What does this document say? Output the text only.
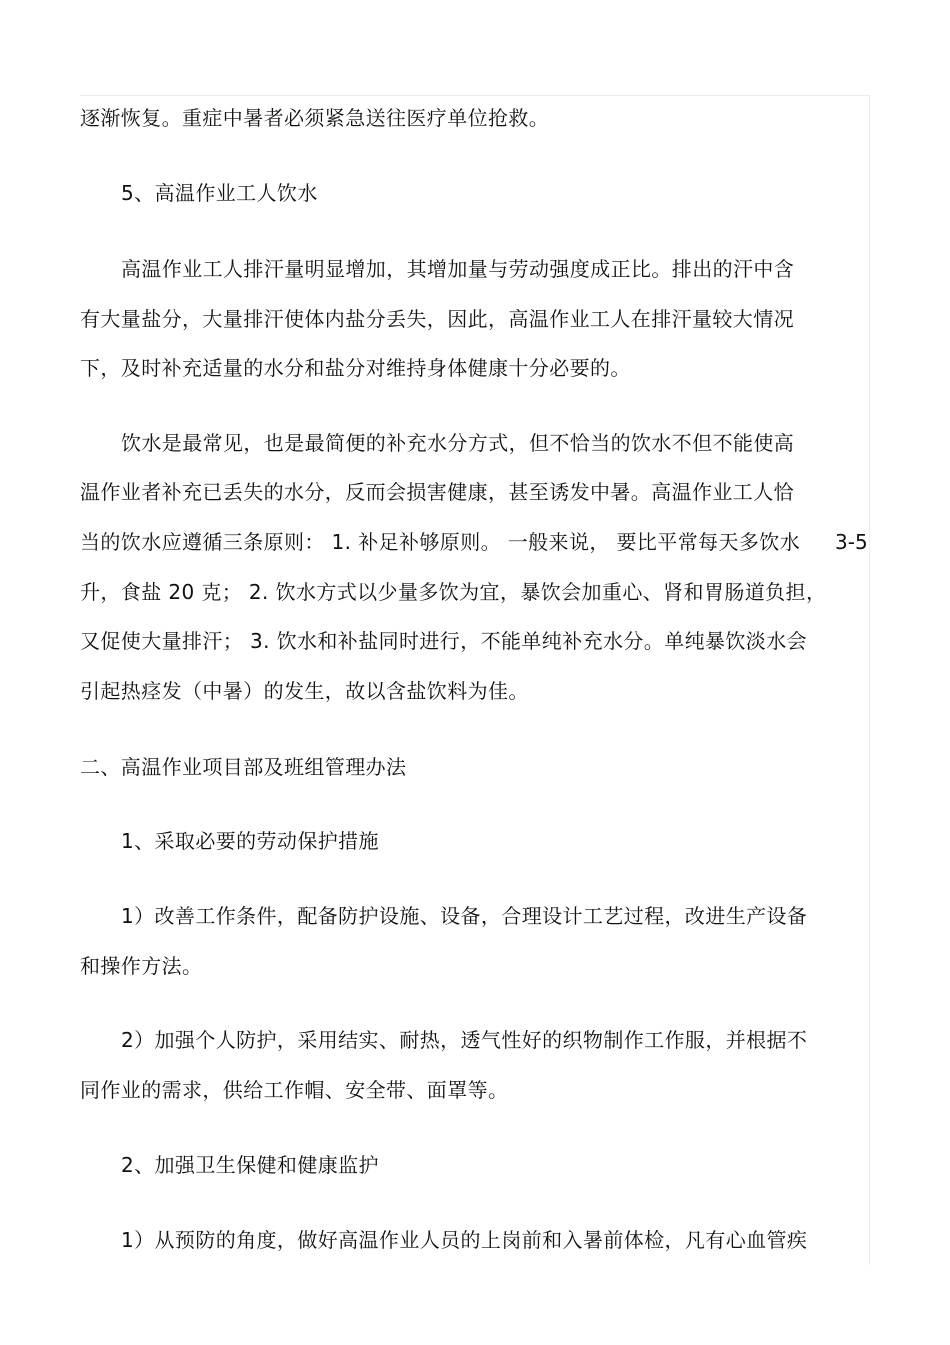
逐渐恢复。重症中暑者必须紧急送往医疗单位抢救。
5、高温作业工人饮水
高温作业工人排汗量明显增加，其增加量与劳动强度成正比。排出的汗中含
有大量盐分，大量排汗使体内盐分丢失，因此，高温作业工人在排汗量较大情况
下，及时补充适量的水分和盐分对维持身体健康十分必要的。
饮水是最常见，也是最简便的补充水分方式，但不恰当的饮水不但不能使高
温作业者补充已丢失的水分，反而会损害健康，甚至诱发中暑。高温作业工人恰
当的饮水应遵循三条原则： 1. 补足补够原则。 一般来说， 要比平常每天多饮水 3-5
升，食盐 20 克； 2. 饮水方式以少量多饮为宜，暴饮会加重心、肾和胃肠道负担，
又促使大量排汗； 3. 饮水和补盐同时进行，不能单纯补充水分。单纯暴饮淡水会
引起热痉发（中暑）的发生，故以含盐饮料为佳。
二、高温作业项目部及班组管理办法
1、采取必要的劳动保护措施
1）改善工作条件，配备防护设施、设备，合理设计工艺过程，改进生产设备
和操作方法。
2）加强个人防护，采用结实、耐热，透气性好的织物制作工作服，并根据不
同作业的需求，供给工作帽、安全带、面罩等。
2、加强卫生保健和健康监护
1）从预防的角度，做好高温作业人员的上岗前和入暑前体检，凡有心血管疾
